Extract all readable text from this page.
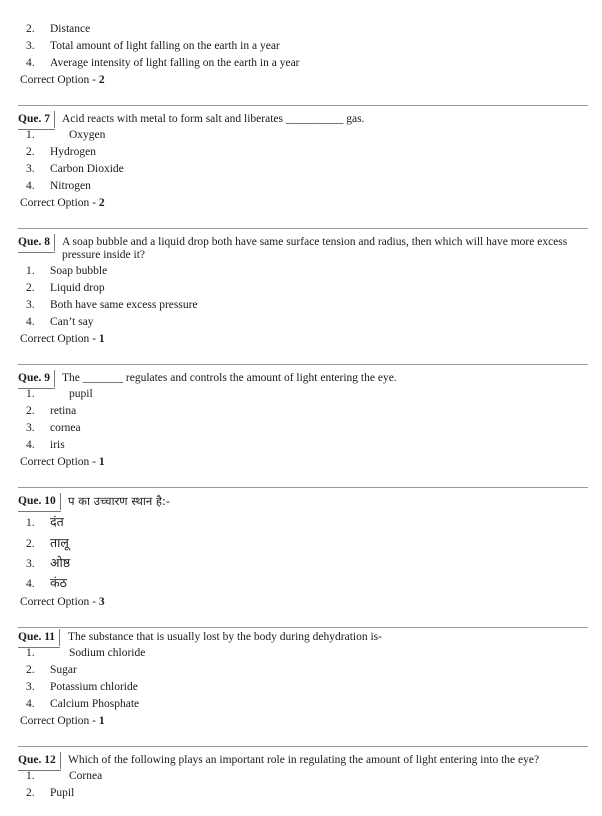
2. Distance
3. Total amount of light falling on the earth in a year
4. Average intensity of light falling on the earth in a year
Correct Option - 2
Que. 7	Acid reacts with metal to form salt and liberates __________ gas.
1.	Oxygen
2. Hydrogen
3. Carbon Dioxide
4. Nitrogen
Correct Option - 2
Que. 8	A soap bubble and a liquid drop both have same surface tension and radius, then which will have more excess pressure inside it?
1. Soap bubble
2. Liquid drop
3. Both have same excess pressure
4. Can’t say
Correct Option - 1
Que. 9	The _______ regulates and controls the amount of light entering the eye.
1.	pupil
2. retina
3. cornea
4. iris
Correct Option - 1
Que. 10	प का उच्चारण स्थान है:-
1. दंत
2. तालू
3. ओष्ठ
4. कंठ
Correct Option - 3
Que. 11	The substance that is usually lost by the body during dehydration is-
1.	Sodium chloride
2. Sugar
3. Potassium chloride
4. Calcium Phosphate
Correct Option - 1
Que. 12	Which of the following plays an important role in regulating the amount of light entering into the eye?
1.	Cornea
2. Pupil
